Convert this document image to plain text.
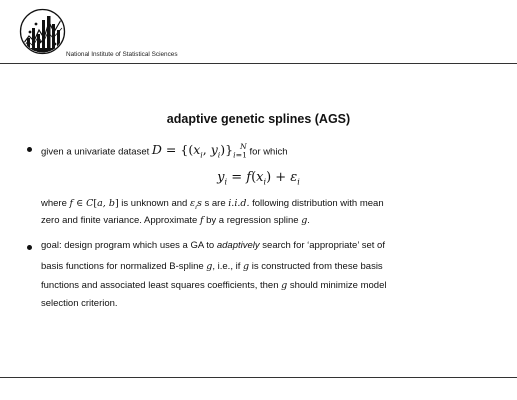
National Institute of Statistical Sciences
adaptive genetic splines (AGS)
given a univariate dataset $D = \{(x_i$, $y_i)\}_{i=1}^N$ for which
$y_i = f(x_i) + \varepsilon_i$
where f ∈ C[a, b] is unknown and $\varepsilon_is$ s are i.i.d. following distribution with mean
zero and finite variance. Approximate f by a regression spline g.
goal: design program which uses a GA to adaptively search for ‘appropriate’ set of
basis functions for normalized B-spline g, i.e., if g is constructed from these basis
functions and associated least squares coefficients, then g should minimize model
selection criterion.
